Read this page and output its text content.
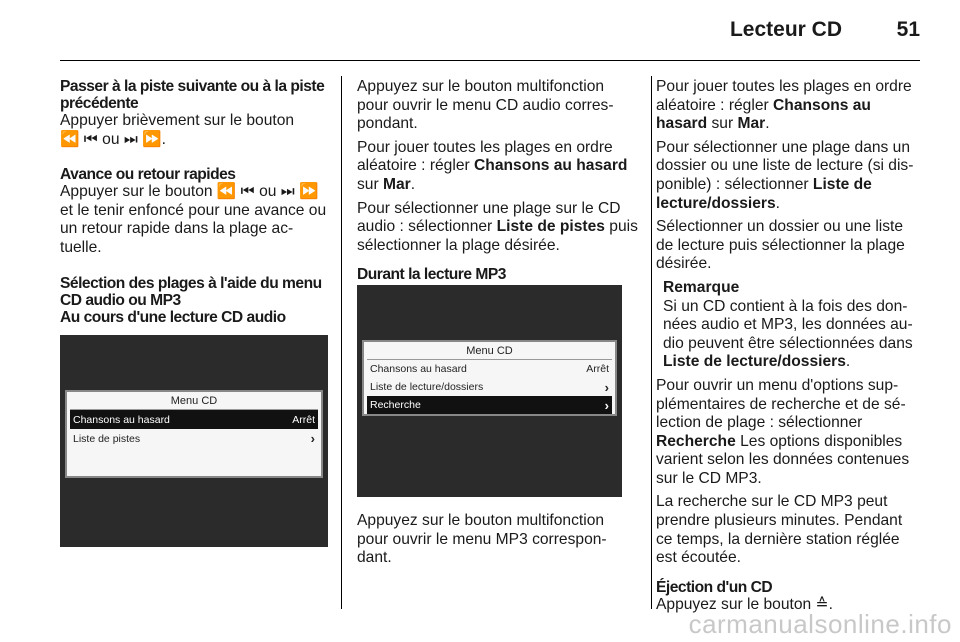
Lecteur CD	51
Passer à la piste suivante ou à la piste précédente

Appuyer brièvement sur le bouton
⏪ ⏮ ou ⏭ ⏩.

Avance ou retour rapides

Appuyer sur le bouton ⏪ ⏮ ou ⏭ ⏩ et le tenir enfoncé pour une avance ou un retour rapide dans la plage ac-tuelle.

Sélection des plages à l'aide du menu CD audio ou MP3
Au cours d'une lecture CD audio
Menu CD
Chansons au hasard	Arrêt
Liste de pistes	›

Appuyez sur le bouton multifonction pour ouvrir le menu CD audio corres-pondant.

Pour jouer toutes les plages en ordre aléatoire : régler Chansons au hasard sur Mar.

Pour sélectionner une plage sur le CD audio : sélectionner Liste de pistes puis sélectionner la plage désirée.

Durant la lecture MP3
Menu CD
Chansons au hasard	Arrêt
Liste de lecture/dossiers	›
Recherche	›

Appuyez sur le bouton multifonction pour ouvrir le menu MP3 correspon-dant.

Pour jouer toutes les plages en ordre aléatoire : régler Chansons au hasard sur Mar.

Pour sélectionner une plage dans un dossier ou une liste de lecture (si dis-ponible) : sélectionner Liste de lecture/dossiers.

Sélectionner un dossier ou une liste de lecture puis sélectionner la plage désirée.

Remarque

Si un CD contient à la fois des don-nées audio et MP3, les données au-dio peuvent être sélectionnées dans Liste de lecture/dossiers.

Pour ouvrir un menu d'options sup-plémentaires de recherche et de sé-lection de plage : sélectionner Recherche Les options disponibles varient selon les données contenues sur le CD MP3.

La recherche sur le CD MP3 peut prendre plusieurs minutes. Pendant ce temps, la dernière station réglée est écoutée.

Éjection d'un CD

Appuyez sur le bouton ≙.

carmanualsonline.info
